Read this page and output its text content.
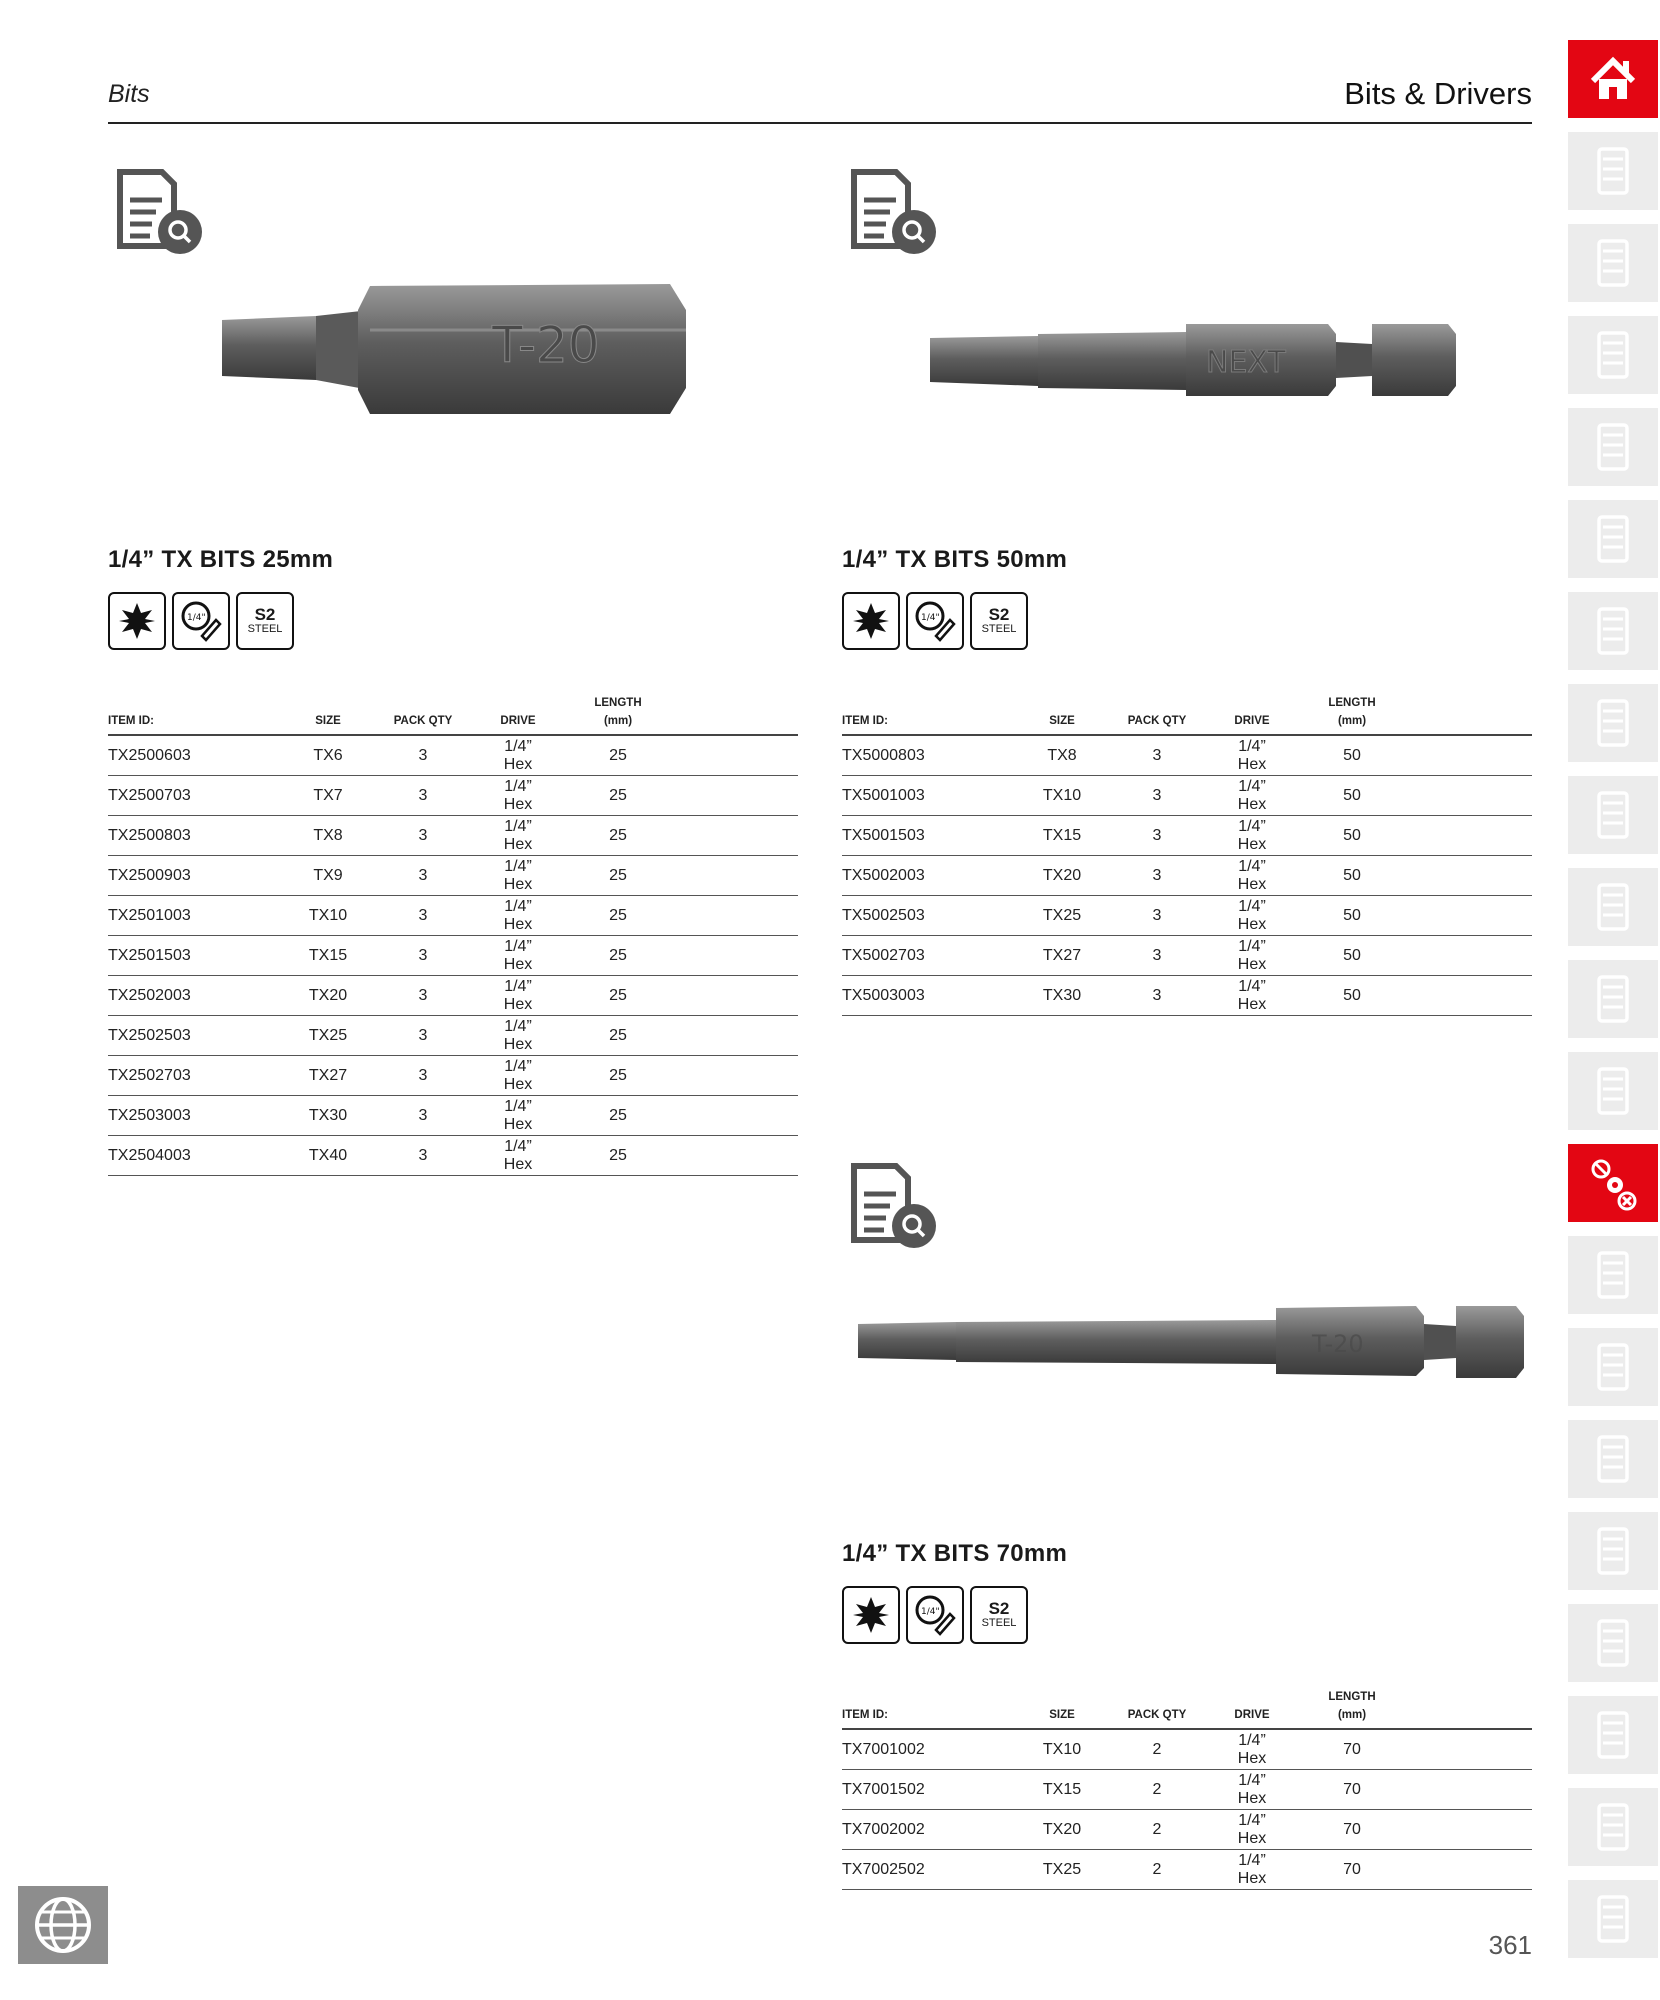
Bits	Bits & Drivers
T-20
1/4” TX BITS 25mm
1/4"	S2
STEEL
ITEM ID:	SIZE	PACK QTY	DRIVE	LENGTH
(mm)	
TX2500603	TX6	3	1/4” Hex	25	
TX2500703	TX7	3	1/4” Hex	25	
TX2500803	TX8	3	1/4” Hex	25	
TX2500903	TX9	3	1/4” Hex	25	
TX2501003	TX10	3	1/4” Hex	25	
TX2501503	TX15	3	1/4” Hex	25	
TX2502003	TX20	3	1/4” Hex	25	
TX2502503	TX25	3	1/4” Hex	25	
TX2502703	TX27	3	1/4” Hex	25	
TX2503003	TX30	3	1/4” Hex	25	
TX2504003	TX40	3	1/4” Hex	25	
NEXT
1/4” TX BITS 50mm
1/4"	S2
STEEL
ITEM ID:	SIZE	PACK QTY	DRIVE	LENGTH
(mm)	
TX5000803	TX8	3	1/4” Hex	50	
TX5001003	TX10	3	1/4” Hex	50	
TX5001503	TX15	3	1/4” Hex	50	
TX5002003	TX20	3	1/4” Hex	50	
TX5002503	TX25	3	1/4” Hex	50	
TX5002703	TX27	3	1/4” Hex	50	
TX5003003	TX30	3	1/4” Hex	50	
T-20
1/4” TX BITS 70mm
1/4"	S2
STEEL
ITEM ID:	SIZE	PACK QTY	DRIVE	LENGTH
(mm)	
TX7001002	TX10	2	1/4” Hex	70	
TX7001502	TX15	2	1/4” Hex	70	
TX7002002	TX20	2	1/4” Hex	70	
TX7002502	TX25	2	1/4” Hex	70	
361
